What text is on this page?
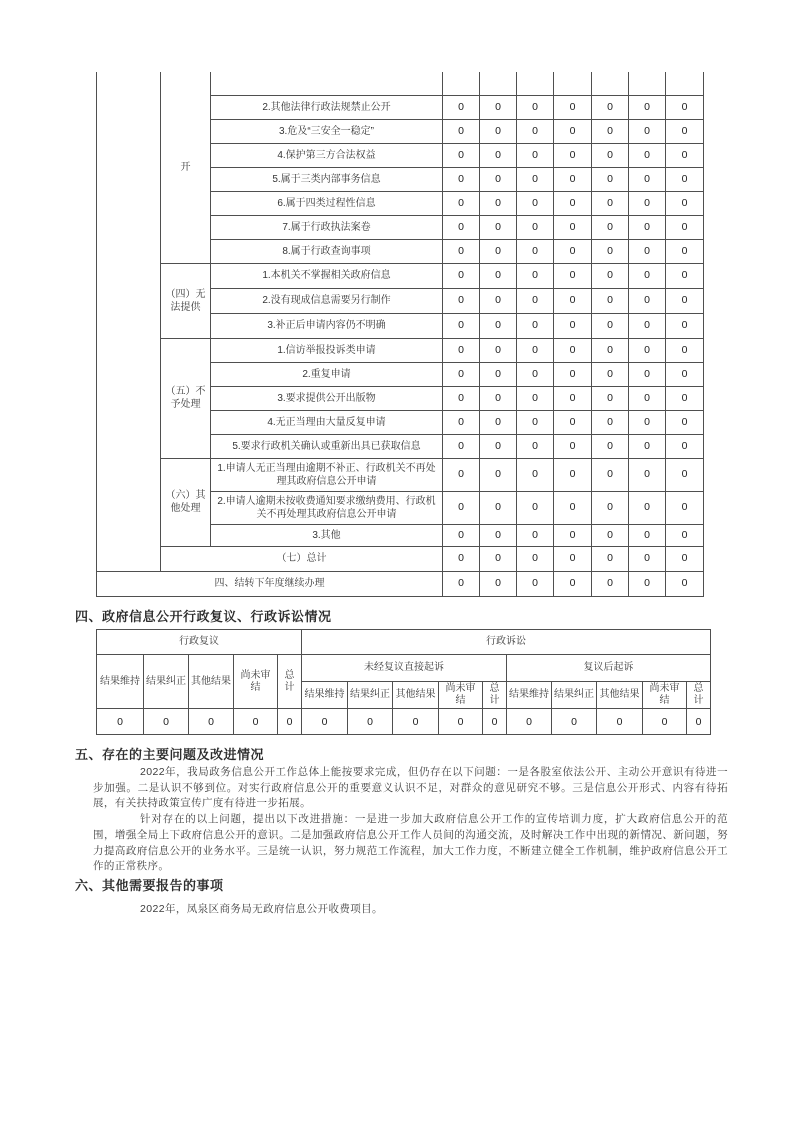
	开								
		2.其他法律行政法规禁止公开	0	0	0	0	0	0	0
		3.危及“三安全一稳定”	0	0	0	0	0	0	0
		4.保护第三方合法权益	0	0	0	0	0	0	0
		5.属于三类内部事务信息	0	0	0	0	0	0	0
		6.属于四类过程性信息	0	0	0	0	0	0	0
		7.属于行政执法案卷	0	0	0	0	0	0	0
		8.属于行政查询事项	0	0	0	0	0	0	0
	（四）无法提供	1.本机关不掌握相关政府信息	0	0	0	0	0	0	0
		2.没有现成信息需要另行制作	0	0	0	0	0	0	0
		3.补正后申请内容仍不明确	0	0	0	0	0	0	0
	（五）不予处理	1.信访举报投诉类申请	0	0	0	0	0	0	0
		2.重复申请	0	0	0	0	0	0	0
		3.要求提供公开出版物	0	0	0	0	0	0	0
		4.无正当理由大量反复申请	0	0	0	0	0	0	0
		5.要求行政机关确认或重新出具已获取信息	0	0	0	0	0	0	0
	（六）其他处理	1.申请人无正当理由逾期不补正、行政机关不再处理其政府信息公开申请	0	0	0	0	0	0	0
		2.申请人逾期未按收费通知要求缴纳费用、行政机关不再处理其政府信息公开申请	0	0	0	0	0	0	0
		3.其他	0	0	0	0	0	0	0
	（七）总计		0	0	0	0	0	0	0
四、结转下年度继续办理			0	0	0	0	0	0	0
四、政府信息公开行政复议、行政诉讼情况
行政复议					行政诉讼									
结果维持	结果纠正	其他结果	尚未审结	总计	未经复议直接起诉					复议后起诉				
					结果维持	结果纠正	其他结果	尚未审结	总计	结果维持	结果纠正	其他结果	尚未审结	总计
0	0	0	0	0	0	0	0	0	0	0	0	0	0	0
五、存在的主要问题及改进情况

2022年，我局政务信息公开工作总体上能按要求完成，但仍存在以下问题：一是各股室依法公开、主动公开意识有待进一步加强。二是认识不够到位。对实行政府信息公开的重要意义认识不足，对群众的意见研究不够。三是信息公开形式、内容有待拓展，有关扶持政策宣传广度有待进一步拓展。

针对存在的以上问题，提出以下改进措施：一是进一步加大政府信息公开工作的宣传培训力度，扩大政府信息公开的范围，增强全局上下政府信息公开的意识。二是加强政府信息公开工作人员间的沟通交流，及时解决工作中出现的新情况、新问题，努力提高政府信息公开的业务水平。三是统一认识，努力规范工作流程，加大工作力度，不断建立健全工作机制，维护政府信息公开工作的正常秩序。

六、其他需要报告的事项

2022年，凤泉区商务局无政府信息公开收费项目。
